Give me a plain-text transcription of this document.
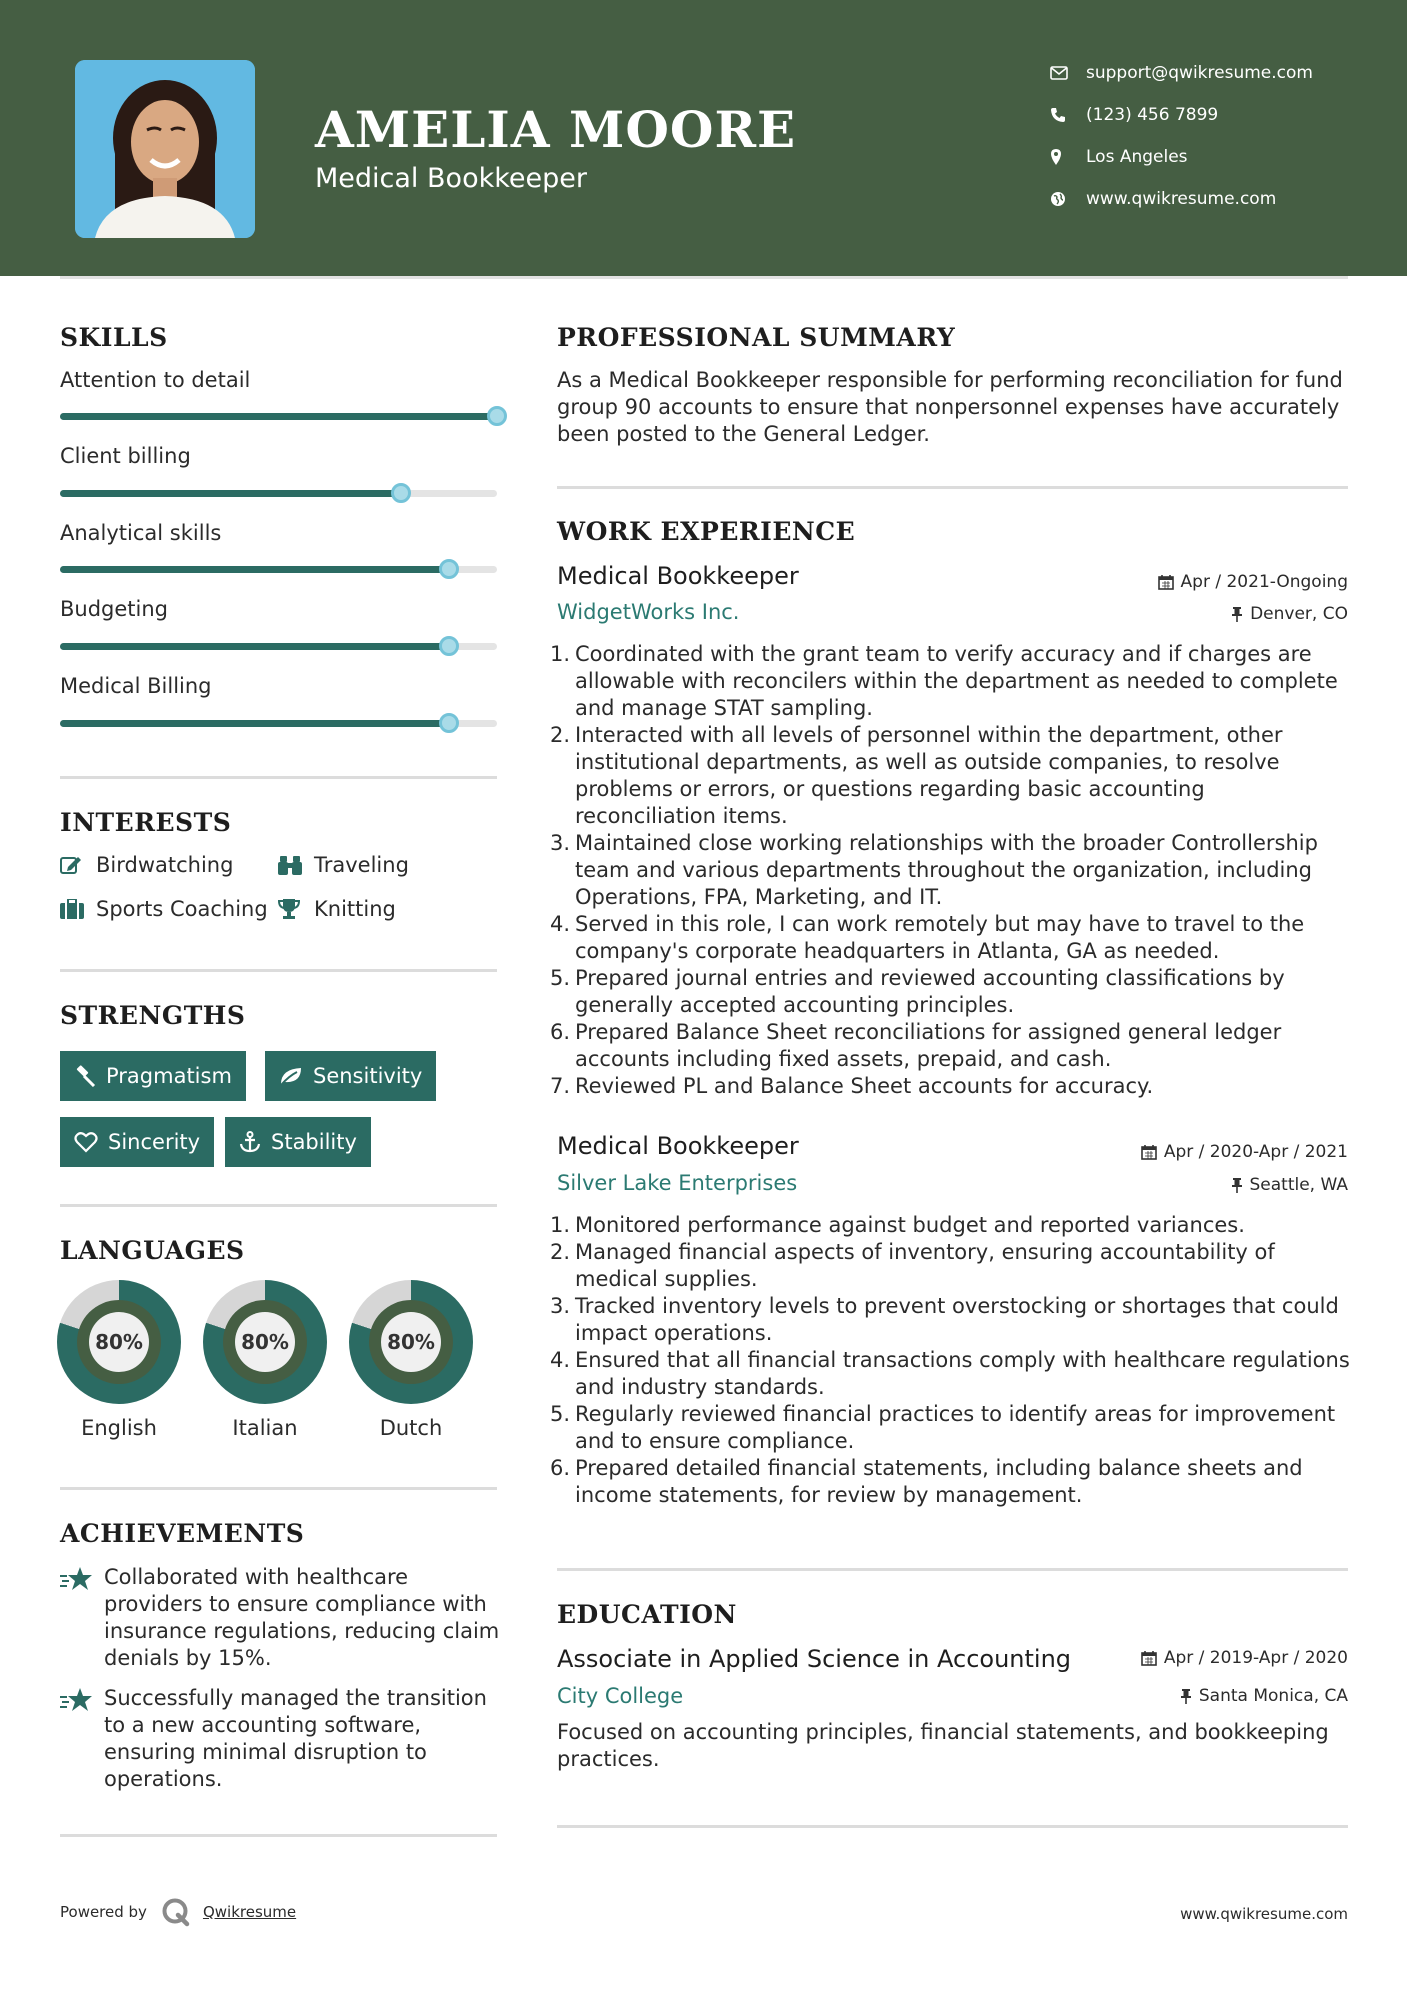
AMELIA MOORE
Medical Bookkeeper
support@qwikresume.com
(123) 456 7899
Los Angeles
www.qwikresume.com
SKILLS
Attention to detail
Client billing
Analytical skills
Budgeting
Medical Billing
INTERESTS
Birdwatching	Traveling
Sports Coaching Knitting
STRENGTHS
Pragmatism	Sensitivity
Sincerity	Stability
LANGUAGES
80%
English
80%
Italian
80%
Dutch
ACHIEVEMENTS
Collaborated with healthcare providers to ensure compliance with insurance regulations, reducing claim denials by 15%.
Successfully managed the transition to a new accounting software, ensuring minimal disruption to operations.
PROFESSIONAL SUMMARY
As a Medical Bookkeeper responsible for performing reconciliation for fund group 90 accounts to ensure that nonpersonnel expenses have accurately been posted to the General Ledger.
WORK EXPERIENCE
Medical Bookkeeper	Apr / 2021-Ongoing
WidgetWorks Inc.	Denver, CO
1. Coordinated with the grant team to verify accuracy and if charges are allowable with reconcilers within the department as needed to complete and manage STAT sampling.
2. Interacted with all levels of personnel within the department, other institutional departments, as well as outside companies, to resolve problems or errors, or questions regarding basic accounting reconciliation items.
3. Maintained close working relationships with the broader Controllership team and various departments throughout the organization, including Operations, FPA, Marketing, and IT.
4. Served in this role, I can work remotely but may have to travel to the company's corporate headquarters in Atlanta, GA as needed.
5. Prepared journal entries and reviewed accounting classifications by generally accepted accounting principles.
6. Prepared Balance Sheet reconciliations for assigned general ledger accounts including fixed assets, prepaid, and cash.
7. Reviewed PL and Balance Sheet accounts for accuracy.
Medical Bookkeeper	Apr / 2020-Apr / 2021
Silver Lake Enterprises	Seattle, WA
1. Monitored performance against budget and reported variances.
2. Managed financial aspects of inventory, ensuring accountability of medical supplies.
3. Tracked inventory levels to prevent overstocking or shortages that could impact operations.
4. Ensured that all financial transactions comply with healthcare regulations and industry standards.
5. Regularly reviewed financial practices to identify areas for improvement and to ensure compliance.
6. Prepared detailed financial statements, including balance sheets and income statements, for review by management.
EDUCATION
Associate in Applied Science in Accounting	Apr / 2019-Apr / 2020
City College	Santa Monica, CA
Focused on accounting principles, financial statements, and bookkeeping practices.
Powered by	Qwikresume	www.qwikresume.com
